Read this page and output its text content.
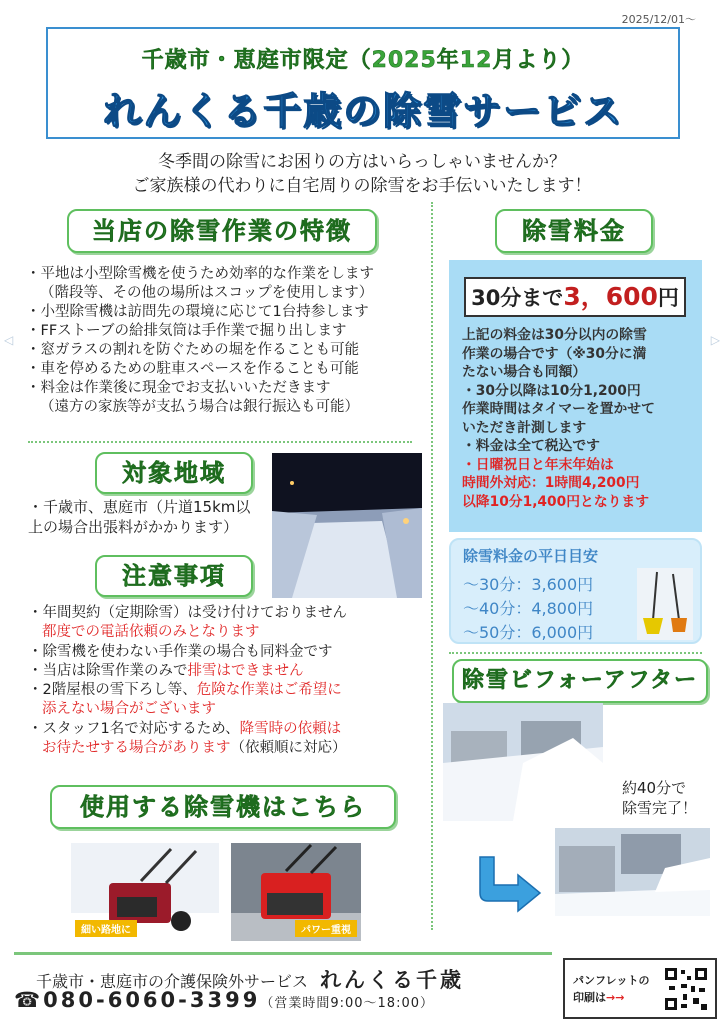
2025/12/01〜
千歳市・恵庭市限定（2025年12月より）
れんくる千歳の除雪サービス
冬季間の除雪にお困りの方はいらっしゃいませんか？
ご家族様の代わりに自宅周りの除雪をお手伝いいたします！
当店の除雪作業の特徴
・平地は小型除雪機を使うため効率的な作業をします
（階段等、その他の場所はスコップを使用します）
・小型除雪機は訪問先の環境に応じて1台持参します
・FFストーブの給排気筒は手作業で掘り出します
・窓ガラスの割れを防ぐための堀を作ることも可能
・車を停めるための駐車スペースを作ることも可能
・料金は作業後に現金でお支払いいただきます
（遠方の家族等が支払う場合は銀行振込も可能）
対象地域
・千歳市、恵庭市（片道15km以
上の場合出張料がかかります）
注意事項
・年間契約（定期除雪）は受け付けておりません
都度での電話依頼のみとなります
・除雪機を使わない手作業の場合も同料金です
・当店は除雪作業のみで排雪はできません
・2階屋根の雪下ろし等、危険な作業はご希望に
添えない場合がございます
・スタッフ1名で対応するため、降雪時の依頼は
お待たせする場合があります（依頼順に対応）
使用する除雪機はこちら
細い路地に	パワー重視
除雪料金
30分まで3，600円
上記の料金は30分以内の除雪
作業の場合です（※30分に満
たない場合も同額）
・30分以降は10分1,200円
作業時間はタイマーを置かせて
いただき計測します
・料金は全て税込です
・日曜祝日と年末年始は
時間外対応：1時間4,200円
以降10分1,400円となります
除雪料金の平日目安
〜30分：3,600円
〜40分：4,800円
〜50分：6,000円
除雪ビフォーアフター
約40分で
除雪完了！
◁	▷
千歳市・恵庭市の介護保険外サービス れんくる千歳
☎080-6060-3399（営業時間9:00〜18:00）
パンフレットの
印刷は→→
